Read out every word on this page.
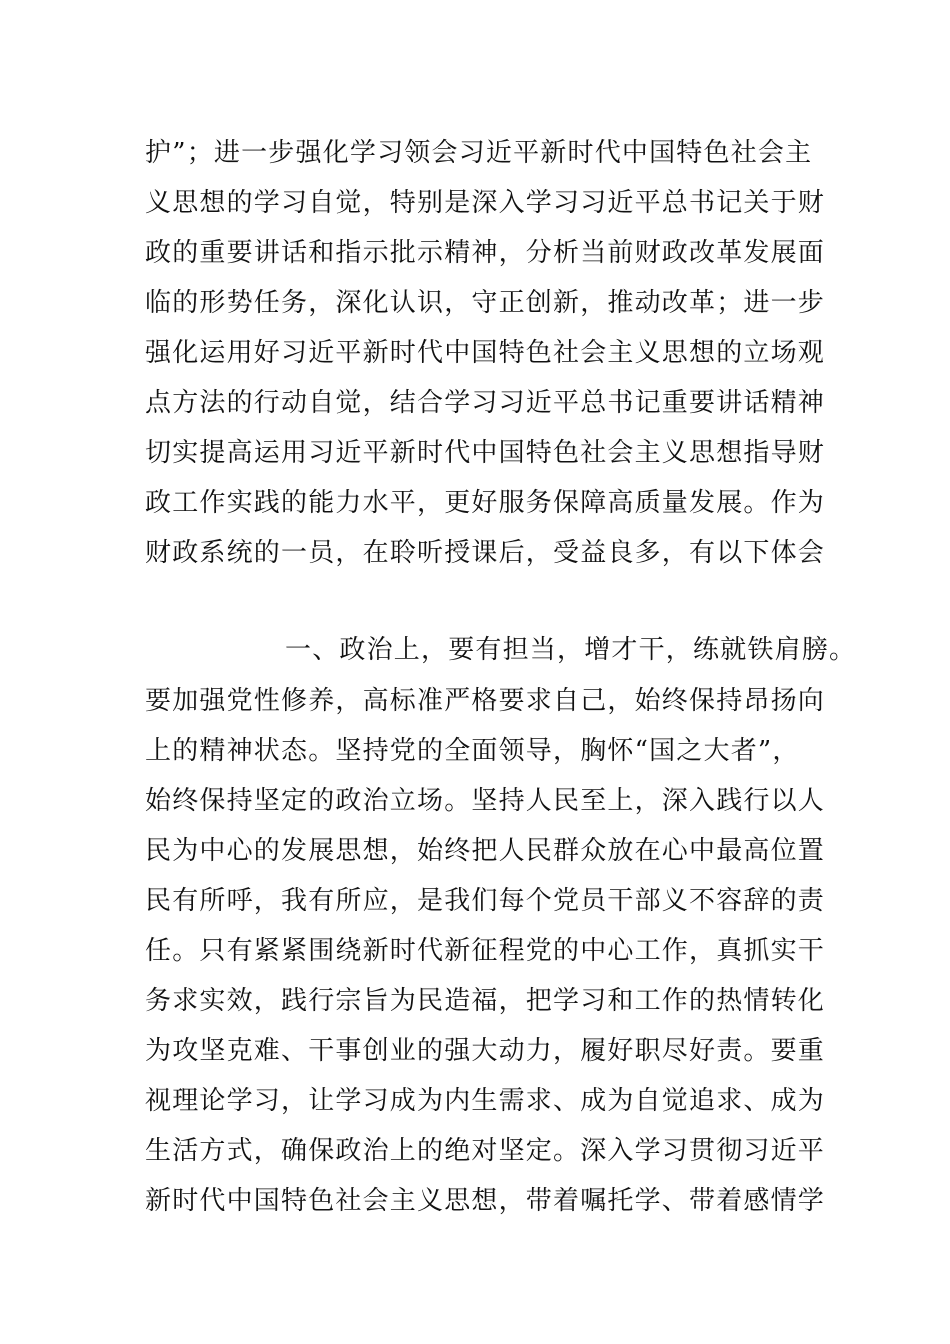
护”；进一步强化学习领会习近平新时代中国特色社会主
义思想的学习自觉，特别是深入学习习近平总书记关于财
政的重要讲话和指示批示精神，分析当前财政改革发展面
临的形势任务，深化认识，守正创新，推动改革；进一步
强化运用好习近平新时代中国特色社会主义思想的立场观
点方法的行动自觉，结合学习习近平总书记重要讲话精神
切实提高运用习近平新时代中国特色社会主义思想指导财
政工作实践的能力水平，更好服务保障高质量发展。作为
财政系统的一员，在聆听授课后，受益良多，有以下体会
一、政治上，要有担当，增才干，练就铁肩膀。
要加强党性修养，高标准严格要求自己，始终保持昂扬向
上的精神状态。坚持党的全面领导，胸怀“国之大者”，
始终保持坚定的政治立场。坚持人民至上，深入践行以人
民为中心的发展思想，始终把人民群众放在心中最高位置
民有所呼，我有所应，是我们每个党员干部义不容辞的责
任。只有紧紧围绕新时代新征程党的中心工作，真抓实干
务求实效，践行宗旨为民造福，把学习和工作的热情转化
为攻坚克难、干事创业的强大动力，履好职尽好责。要重
视理论学习，让学习成为内生需求、成为自觉追求、成为
生活方式，确保政治上的绝对坚定。深入学习贯彻习近平
新时代中国特色社会主义思想，带着嘱托学、带着感情学
